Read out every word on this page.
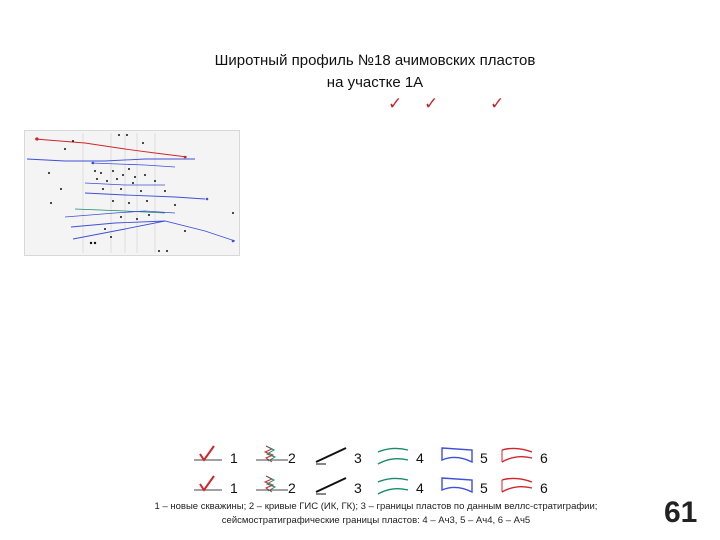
Широтный профиль №18 ачимовских пластов
на участке 1А
✓ ✓	✓
1	2	3	4	5	6
1	2	3	4	5	6
1 – новые скважины; 2 – кривые ГИС (ИК, ГК); 3 – границы пластов по данным веллс-стратиграфии;
сейсмостратиграфические границы пластов: 4 – Ач3, 5 – Ач4, 6 – Ач5	61
